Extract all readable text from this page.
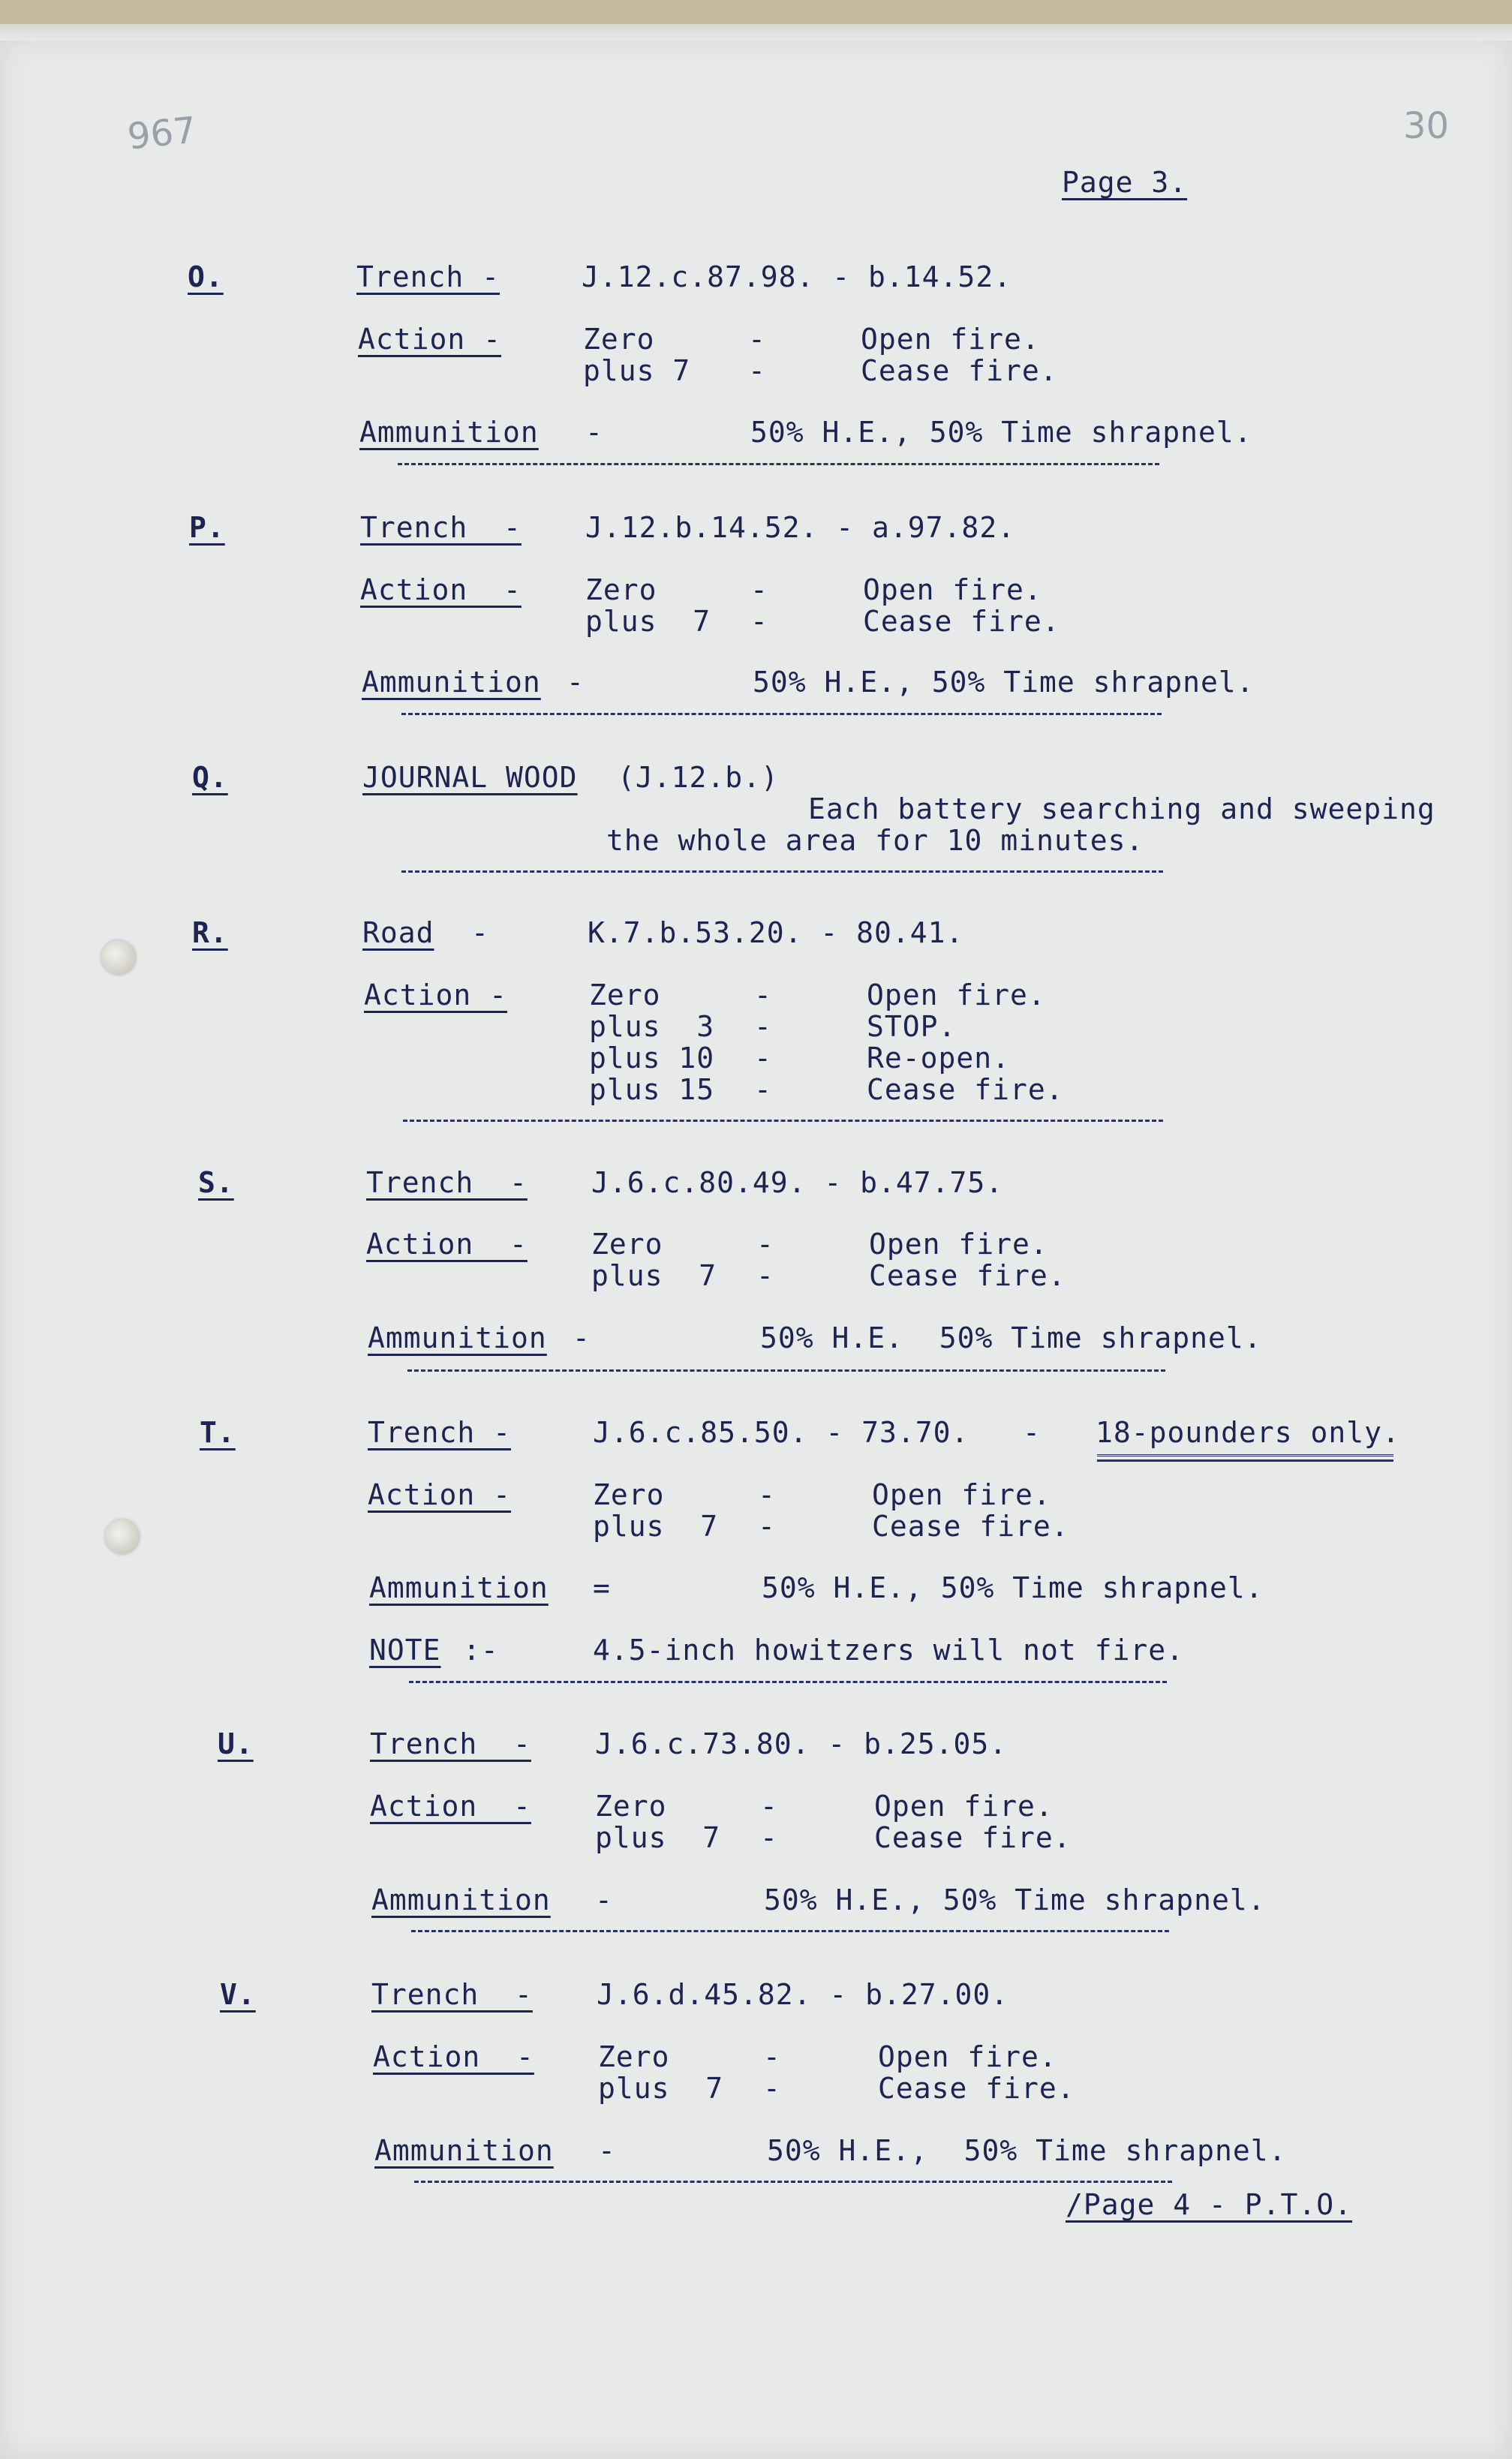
967	30
Page 3.
O.	Trench -	J.12.c.87.98. - b.14.52.
Action -	Zero	-	Open fire.
plus 7 -	Cease fire.
Ammunition -	50% H.E., 50% Time shrapnel.
P.	Trench  - J.12.b.14.52. - a.97.82.
Action  - Zero	-	Open fire.
plus  7 -	Cease fire.
Ammunition -	50% H.E., 50% Time shrapnel.
Q.	JOURNAL WOOD (J.12.b.)
Each battery searching and sweeping
the whole area for 10 minutes.
R.	Road -	K.7.b.53.20. - 80.41.
Action -	Zero	-	Open fire.
plus  3 -	STOP.
plus 10 -	Re-open.
plus 15 -	Cease fire.
S.	Trench  - J.6.c.80.49. - b.47.75.
Action  - Zero	-	Open fire.
plus  7 -	Cease fire.
Ammunition -	50% H.E.  50% Time shrapnel.
T.	Trench -	J.6.c.85.50. - 73.70.   - 18-pounders only.
Action -	Zero	-	Open fire.
plus  7 -	Cease fire.
Ammunition =	50% H.E., 50% Time shrapnel.
NOTE :-	4.5-inch howitzers will not fire.
U.	Trench  - J.6.c.73.80. - b.25.05.
Action  - Zero	-	Open fire.
plus  7 -	Cease fire.
Ammunition -	50% H.E., 50% Time shrapnel.
V.	Trench  - J.6.d.45.82. - b.27.00.
Action  - Zero	-	Open fire.
plus  7 -	Cease fire.
Ammunition -	50% H.E.,  50% Time shrapnel.
/Page 4 - P.T.O.
